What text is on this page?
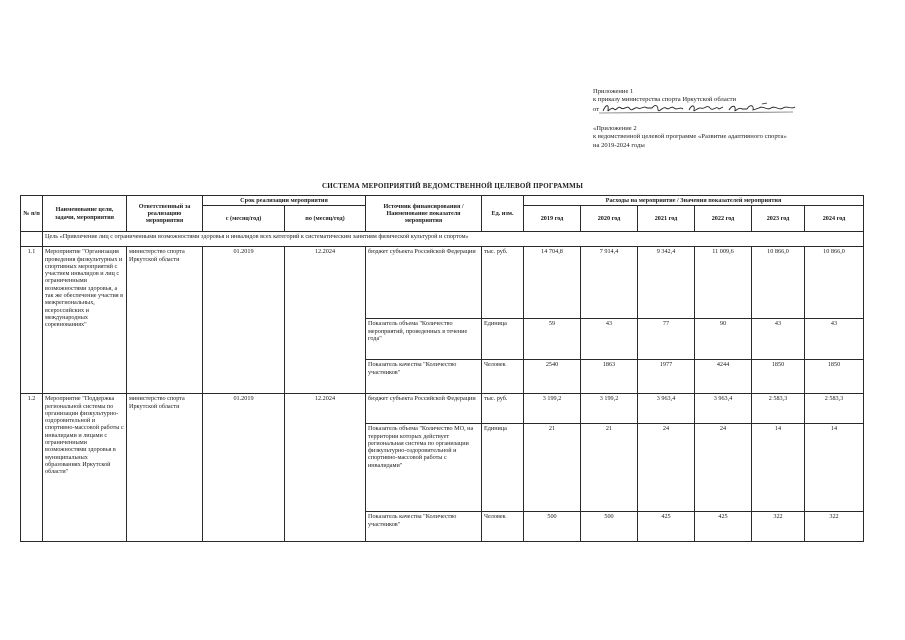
Приложение 1
к приказу министерства спорта Иркутской области
от
«Приложение 2
к ведомственной целевой программе «Развитие адаптивного спорта»
на 2019-2024 годы
СИСТЕМА МЕРОПРИЯТИЙ ВЕДОМСТВЕННОЙ ЦЕЛЕВОЙ ПРОГРАММЫ
№ п/п	Наименование цели, задачи, мероприятия	Ответственный за реализацию мероприятия	Срок реализации мероприятия		Источник финансирования / Наименование показателя мероприятия	Ед. изм.	Расходы на мероприятие / Значения показателей мероприятия					
			с (месяц/год)	по (месяц/год)			2019 год	2020 год	2021 год	2022 год	2023 год	2024 год
	Цель «Привлечение лиц с ограниченными возможностями здоровья и инвалидов всех категорий к систематическим занятиям физической культурой и спортом»											
1.1	Мероприятие "Организация проведения физкультурных и спортивных мероприятий с участием инвалидов и лиц с ограниченными возможностями здоровья, а так же обеспечение участия в межрегиональных, всероссийских и международных соревнованиях"	министерство спорта Иркутской области	01.2019	12.2024	бюджет субъекта Российской Федерации	тыс. руб.	14 704,8	7 914,4	9 342,4	11 009,6	10 866,0	10 866,0
					Показатель объема "Количество мероприятий, проведенных в течение года"	Единица	59	43	77	90	43	43
					Показатель качества "Количество участников"	Человек	2540	1863	1977	4244	1850	1850
1.2	Мероприятие "Поддержка региональной системы по организации физкультурно-оздоровительной и спортивно-массовой работы с инвалидами и лицами с ограниченными возможностями здоровья в муниципальных образованиях Иркутской области"	министерство спорта Иркутской области	01.2019	12.2024	бюджет субъекта Российской Федерации	тыс. руб.	3 199,2	3 199,2	3 963,4	3 963,4	2 583,3	2 583,3
					Показатель объема "Количество МО, на территории которых действует региональная система по организации физкультурно-оздоровительной и спортивно-массовой работы с инвалидами"	Единица	21	21	24	24	14	14
					Показатель качества "Количество участников"	Человек	500	500	425	425	322	322
